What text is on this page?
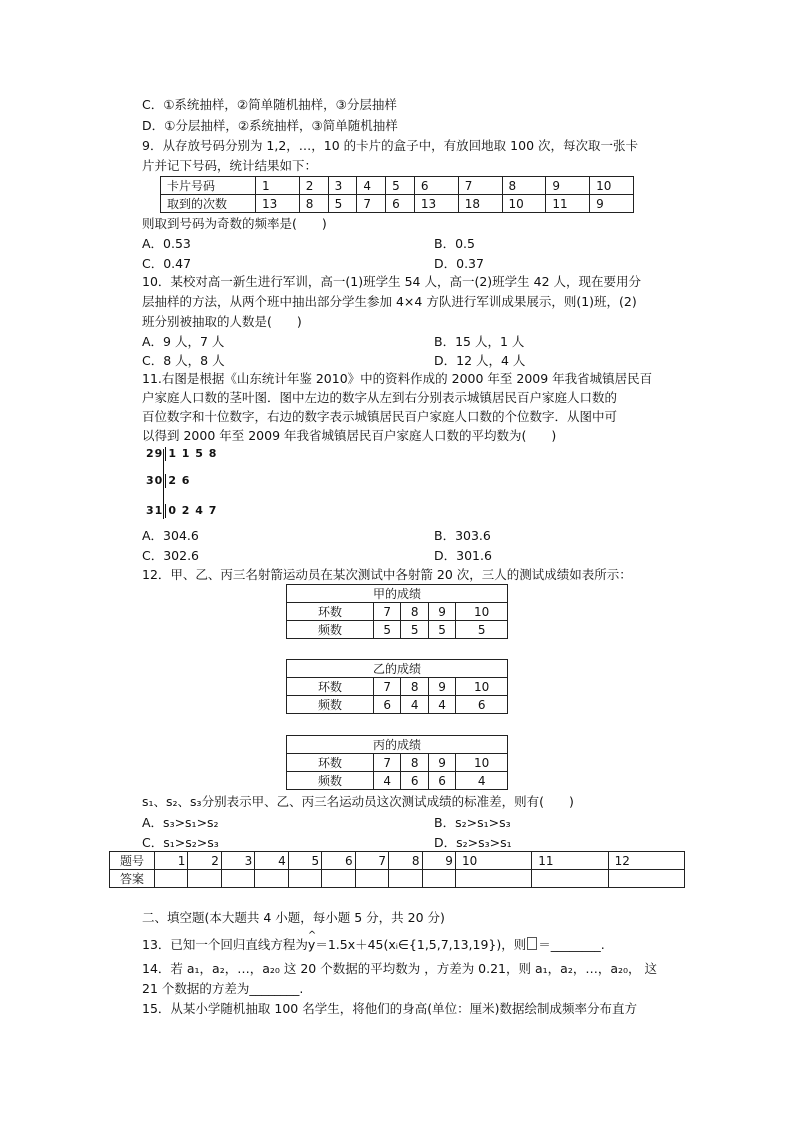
C．①系统抽样，②简单随机抽样，③分层抽样
D．①分层抽样，②系统抽样，③简单随机抽样
9．从存放号码分别为 1,2，…，10 的卡片的盒子中，有放回地取 100 次，每次取一张卡
片并记下号码，统计结果如下：
卡片号码	1	2	3	4	5	6	7	8	9	10
取到的次数	13	8	5	7	6	13	18	10	11	9
则取到号码为奇数的频率是(　　)
A．0.53	B．0.5
C．0.47	D．0.37
10．某校对高一新生进行军训，高一(1)班学生 54 人，高一(2)班学生 42 人，现在要用分
层抽样的方法，从两个班中抽出部分学生参加 4×4 方队进行军训成果展示，则(1)班，(2)
班分别被抽取的人数是(　　)
A．9 人，7 人	B．15 人，1 人
C．8 人，8 人	D．12 人，4 人
11.右图是根据《山东统计年鉴 2010》中的资料作成的 2000 年至 2009 年我省城镇居民百
户家庭人口数的茎叶图．图中左边的数字从左到右分别表示城镇居民百户家庭人口数的
百位数字和十位数字，右边的数字表示城镇居民百户家庭人口数的个位数字．从图中可
以得到 2000 年至 2009 年我省城镇居民百户家庭人口数的平均数为(　　)
29 1 1 5 8
30 2 6
31 0 2 4 7
A．304.6	B．303.6
C．302.6	D．301.6
12．甲、乙、丙三名射箭运动员在某次测试中各射箭 20 次，三人的测试成绩如表所示：
甲的成绩				
环数	7	8	9	10
频数	5	5	5	5
乙的成绩				
环数	7	8	9	10
频数	6	4	4	6
丙的成绩				
环数	7	8	9	10
频数	4	6	6	4
s₁、s₂、s₃分别表示甲、乙、丙三名运动员这次测试成绩的标准差，则有(　　)
A．s₃>s₁>s₂	B．s₂>s₁>s₃
C．s₁>s₂>s₃	D．s₂>s₃>s₁
题号	1	2	3	4	5	6	7	8	9	10	11	12
答案												
二、填空题(本大题共 4 小题，每小题 5 分，共 20 分)
13．已知一个回归直线方程为^ y＝1.5x＋45(xᵢ∈{1,5,7,13,19})，则 ＝________.
14．若 a₁，a₂，…，a₂₀ 这 20 个数据的平均数为 ，方差为 0.21，则 a₁，a₂，…，a₂₀， 这
21 个数据的方差为________.
15．从某小学随机抽取 100 名学生，将他们的身高(单位：厘米)数据绘制成频率分布直方
